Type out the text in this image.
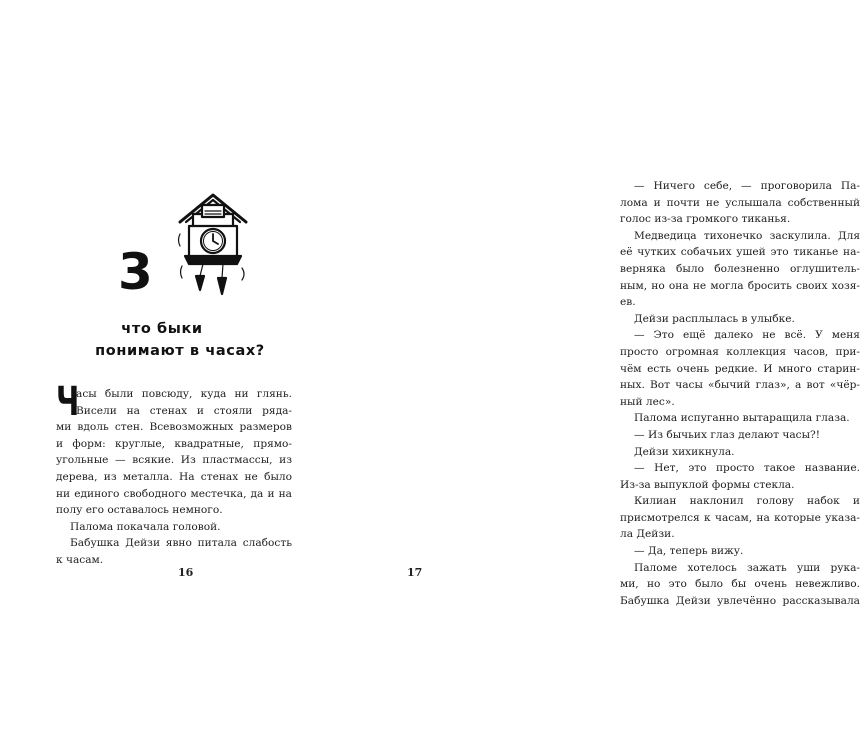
3
что быки
понимают в часах?
Ч
асы были повсюду, куда ни глянь.
Висели на стенах и стояли ряда-
ми вдоль стен. Всевозможных размеров
и форм: круглые, квадратные, прямо-
угольные — всякие. Из пластмассы, из
дерева, из металла. На стенах не было
ни единого свободного местечка, да и на
полу его оставалось немного.
Палома покачала головой.
Бабушка Дейзи явно питала слабость
к часам.
16
— Ничего себе, — проговорила Па-
лома и почти не услышала собственный
голос из-за громкого тиканья.
Медведица тихонечко заскулила. Для
её чутких собачьих ушей это тиканье на-
верняка было болезненно оглушитель-
ным, но она не могла бросить своих хозя-
ев.
Дейзи расплылась в улыбке.
— Это ещё далеко не всё. У меня
просто огромная коллекция часов, при-
чём есть очень редкие. И много старин-
ных. Вот часы «бычий глаз», а вот «чёр-
ный лес».
Палома испуганно вытаращила глаза.
— Из бычьих глаз делают часы?!
Дейзи хихикнула.
— Нет, это просто такое название.
Из-за выпуклой формы стекла.
Килиан наклонил голову набок и
присмотрелся к часам, на которые указа-
ла Дейзи.
— Да, теперь вижу.
Паломе хотелось зажать уши рука-
ми, но это было бы очень невежливо.
Бабушка Дейзи увлечённо рассказывала
17
